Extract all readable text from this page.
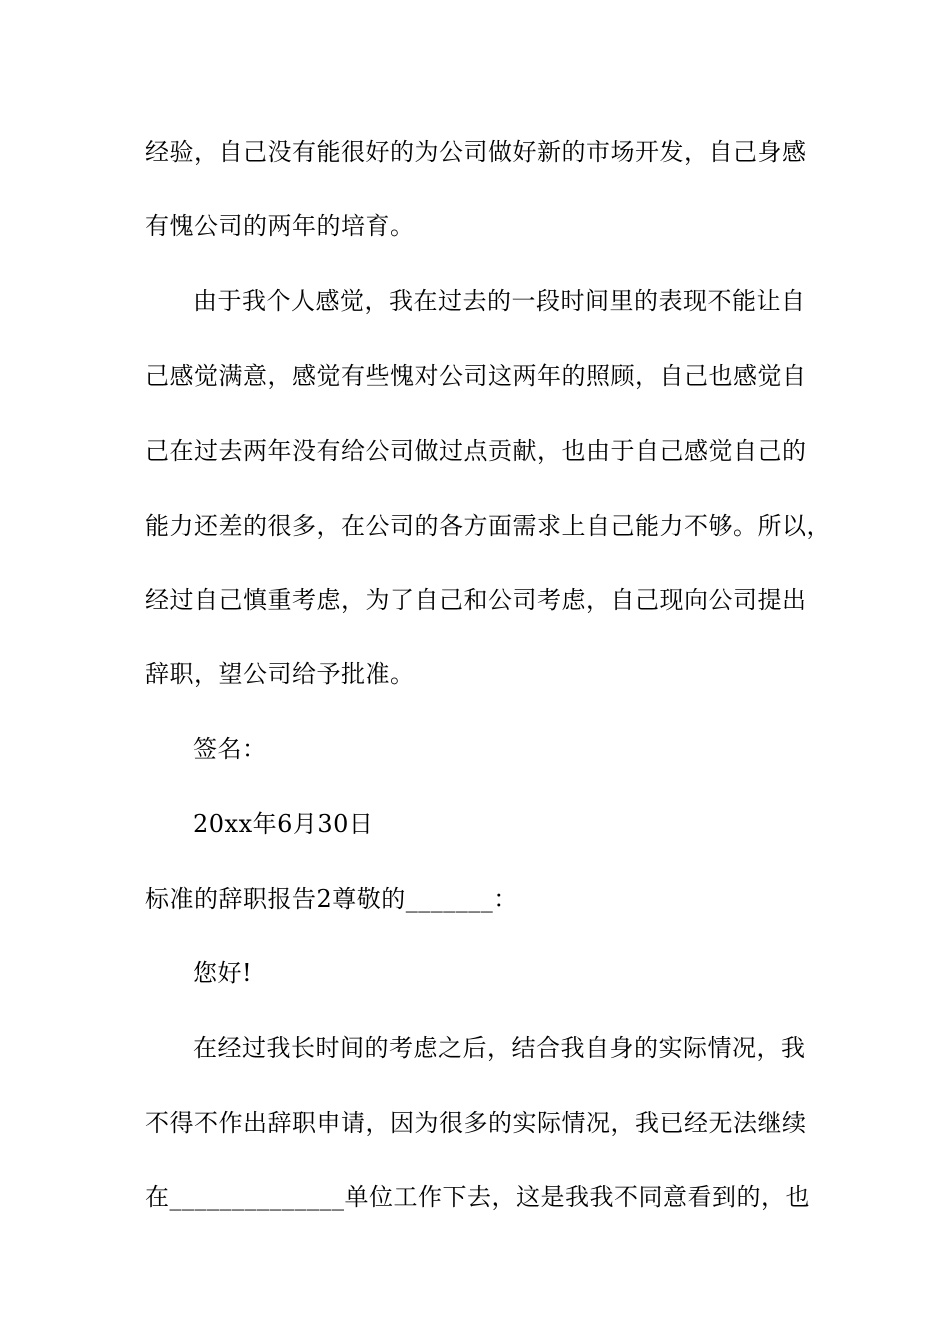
经验，自己没有能很好的为公司做好新的市场开发，自己身感
有愧公司的两年的培育。
由于我个人感觉，我在过去的一段时间里的表现不能让自
己感觉满意，感觉有些愧对公司这两年的照顾，自己也感觉自
己在过去两年没有给公司做过点贡献，也由于自己感觉自己的
能力还差的很多，在公司的各方面需求上自己能力不够。所以，
经过自己慎重考虑，为了自己和公司考虑，自己现向公司提出
辞职，望公司给予批准。
签名：
20xx年6月30日
标准的辞职报告2尊敬的_______：
您好!
在经过我长时间的考虑之后，结合我自身的实际情况，我
不得不作出辞职申请，因为很多的实际情况，我已经无法继续
在______________单位工作下去，这是我我不同意看到的，也
